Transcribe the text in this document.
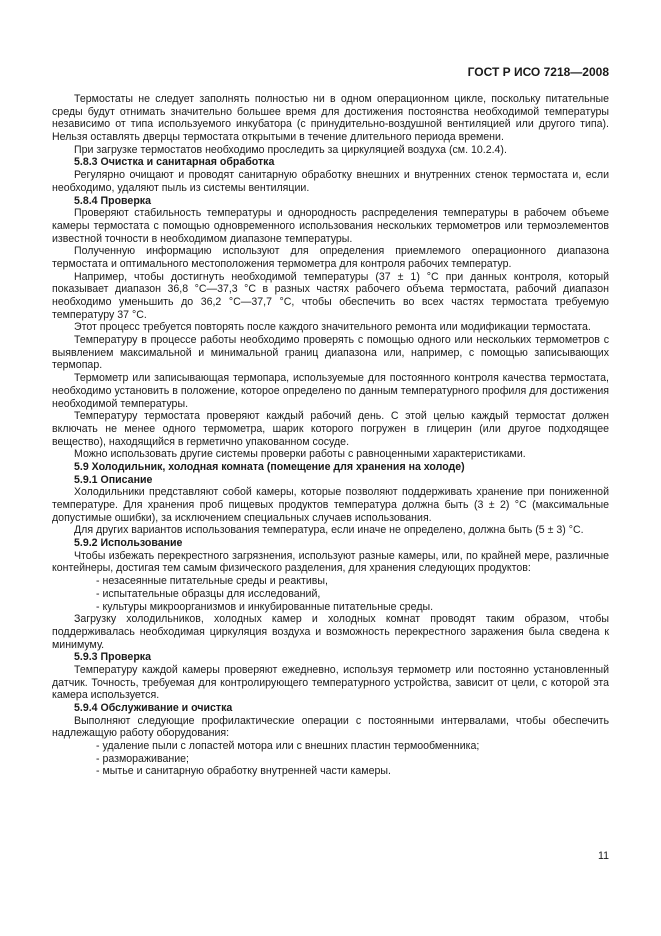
ГОСТ Р ИСО 7218—2008

Термостаты не следует заполнять полностью ни в одном операционном цикле, поскольку питательные среды будут отнимать значительно большее время для достижения постоянства необходимой температуры независимо от типа используемого инкубатора (с принудительно-воздушной вентиляцией или другого типа). Нельзя оставлять дверцы термостата открытыми в течение длительного периода времени.

При загрузке термостатов необходимо проследить за циркуляцией воздуха (см. 10.2.4).

5.8.3 Очистка и санитарная обработка

Регулярно очищают и проводят санитарную обработку внешних и внутренних стенок термостата и, если необходимо, удаляют пыль из системы вентиляции.

5.8.4 Проверка

Проверяют стабильность температуры и однородность распределения температуры в рабочем объеме камеры термостата с помощью одновременного использования нескольких термометров или термоэлементов известной точности в необходимом диапазоне температуры.

Полученную информацию используют для определения приемлемого операционного диапазона термостата и оптимального местоположения термометра для контроля рабочих температур.

Например, чтобы достигнуть необходимой температуры (37 ± 1) °С при данных контроля, который показывает диапазон 36,8 °С—37,3 °С в разных частях рабочего объема термостата, рабочий диапазон необходимо уменьшить до 36,2 °С—37,7 °С, чтобы обеспечить во всех частях термостата требуемую температуру 37 °С.

Этот процесс требуется повторять после каждого значительного ремонта или модификации термостата.

Температуру в процессе работы необходимо проверять с помощью одного или нескольких термометров с выявлением максимальной и минимальной границ диапазона или, например, с помощью записывающих термопар.

Термометр или записывающая термопара, используемые для постоянного контроля качества термостата, необходимо установить в положение, которое определено по данным температурного профиля для достижения необходимой температуры.

Температуру термостата проверяют каждый рабочий день. С этой целью каждый термостат должен включать не менее одного термометра, шарик которого погружен в глицерин (или другое подходящее вещество), находящийся в герметично упакованном сосуде.

Можно использовать другие системы проверки работы с равноценными характеристиками.

5.9 Холодильник, холодная комната (помещение для хранения на холоде)
5.9.1 Описание

Холодильники представляют собой камеры, которые позволяют поддерживать хранение при пониженной температуре. Для хранения проб пищевых продуктов температура должна быть (3 ± 2) °С (максимальные допустимые ошибки), за исключением специальных случаев использования.

Для других вариантов использования температура, если иначе не определено, должна быть (5 ± 3) °С.

5.9.2 Использование

Чтобы избежать перекрестного загрязнения, используют разные камеры, или, по крайней мере, различные контейнеры, достигая тем самым физического разделения, для хранения следующих продуктов:

- незасеянные питательные среды и реактивы,

- испытательные образцы для исследований,

- культуры микроорганизмов и инкубированные питательные среды.

Загрузку холодильников, холодных камер и холодных комнат проводят таким образом, чтобы поддерживалась необходимая циркуляция воздуха и возможность перекрестного заражения была сведена к минимуму.

5.9.3 Проверка

Температуру каждой камеры проверяют ежедневно, используя термометр или постоянно установленный датчик. Точность, требуемая для контролирующего температурного устройства, зависит от цели, с которой эта камера используется.

5.9.4 Обслуживание и очистка

Выполняют следующие профилактические операции с постоянными интервалами, чтобы обеспечить надлежащую работу оборудования:

- удаление пыли с лопастей мотора или с внешних пластин термообменника;

- размораживание;

- мытье и санитарную обработку внутренней части камеры.

11
